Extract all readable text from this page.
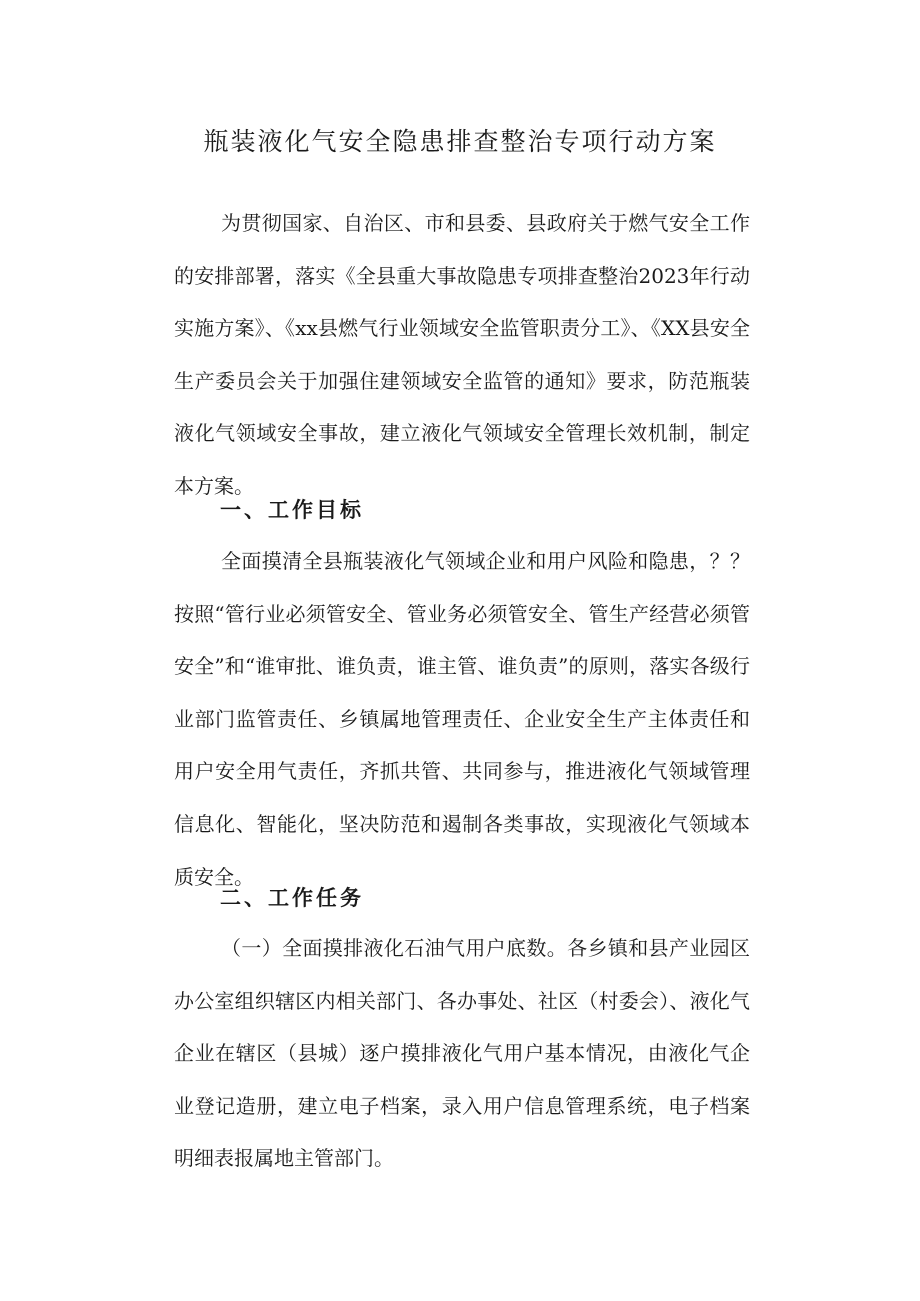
瓶装液化气安全隐患排查整治专项行动方案

为贯彻国家、自治区、市和县委、县政府关于燃气安全工作的安排部署，落实《全县重大事故隐患专项排查整治2023年行动实施方案》、《xx县燃气行业领域安全监管职责分工》、《XX县安全生产委员会关于加强住建领域安全监管的通知》要求，防范瓶装液化气领域安全事故，建立液化气领域安全管理长效机制，制定本方案。

一、工作目标

全面摸清全县瓶装液化气领域企业和用户风险和隐患，？？按照“管行业必须管安全、管业务必须管安全、管生产经营必须管安全”和“谁审批、谁负责，谁主管、谁负责”的原则，落实各级行业部门监管责任、乡镇属地管理责任、企业安全生产主体责任和用户安全用气责任，齐抓共管、共同参与，推进液化气领域管理信息化、智能化，坚决防范和遏制各类事故，实现液化气领域本质安全。

二、工作任务

（一）全面摸排液化石油气用户底数。各乡镇和县产业园区办公室组织辖区内相关部门、各办事处、社区（村委会）、液化气企业在辖区（县城）逐户摸排液化气用户基本情况，由液化气企业登记造册，建立电子档案，录入用户信息管理系统，电子档案明细表报属地主管部门。
